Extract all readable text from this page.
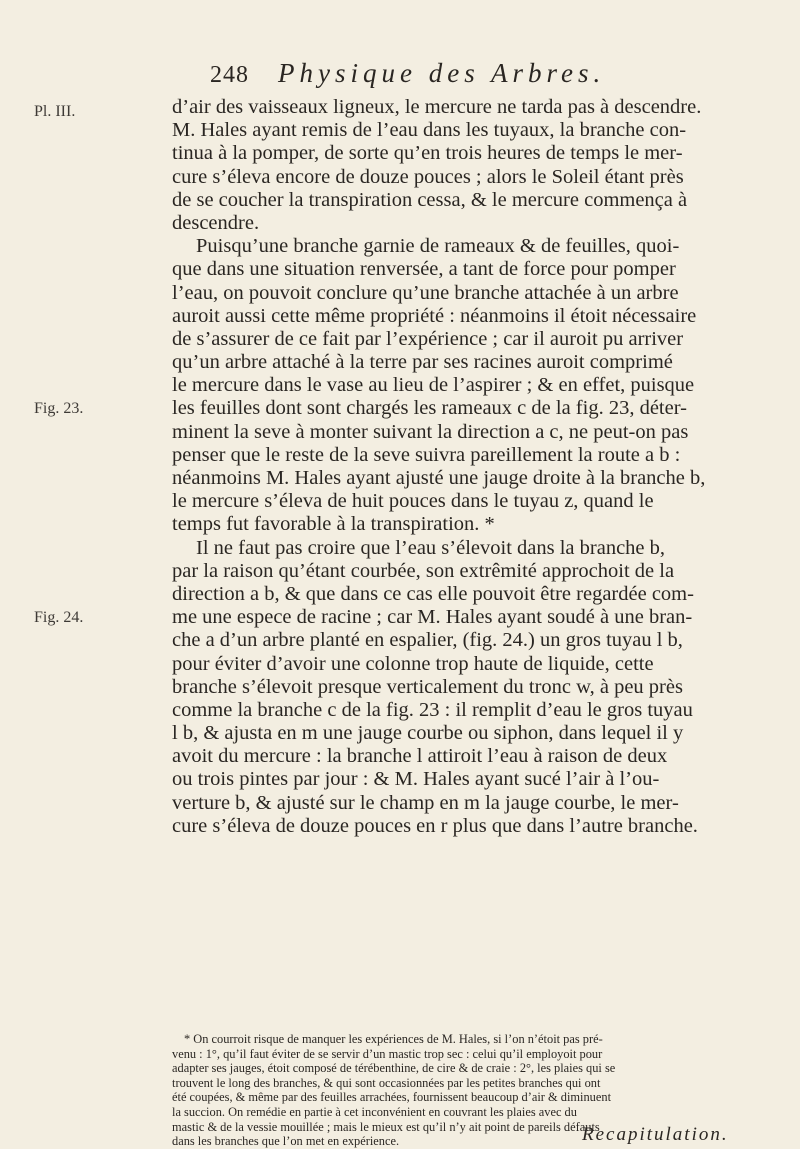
248 Physique des Arbres.
Pl. III.
Fig. 23.
Fig. 24.
d’air des vaisseaux ligneux, le mercure ne tarda pas à descendre.
M. Hales ayant remis de l’eau dans les tuyaux, la branche con-
tinua à la pomper, de sorte qu’en trois heures de temps le mer-
cure s’éleva encore de douze pouces ; alors le Soleil étant près
de se coucher la transpiration cessa, & le mercure commença à
descendre.
Puisqu’une branche garnie de rameaux & de feuilles, quoi-
que dans une situation renversée, a tant de force pour pomper
l’eau, on pouvoit conclure qu’une branche attachée à un arbre
auroit aussi cette même propriété : néanmoins il étoit nécessaire
de s’assurer de ce fait par l’expérience ; car il auroit pu arriver
qu’un arbre attaché à la terre par ses racines auroit comprimé
le mercure dans le vase au lieu de l’aspirer ; & en effet, puisque
les feuilles dont sont chargés les rameaux c de la fig. 23, déter-
minent la seve à monter suivant la direction a c, ne peut-on pas
penser que le reste de la seve suivra pareillement la route a b :
néanmoins M. Hales ayant ajusté une jauge droite à la branche b,
le mercure s’éleva de huit pouces dans le tuyau z, quand le
temps fut favorable à la transpiration. *
Il ne faut pas croire que l’eau s’élevoit dans la branche b,
par la raison qu’étant courbée, son extrêmité approchoit de la
direction a b, & que dans ce cas elle pouvoit être regardée com-
me une espece de racine ; car M. Hales ayant soudé à une bran-
che a d’un arbre planté en espalier, (fig. 24.) un gros tuyau l b,
pour éviter d’avoir une colonne trop haute de liquide, cette
branche s’élevoit presque verticalement du tronc w, à peu près
comme la branche c de la fig. 23 : il remplit d’eau le gros tuyau
l b, & ajusta en m une jauge courbe ou siphon, dans lequel il y
avoit du mercure : la branche l attiroit l’eau à raison de deux
ou trois pintes par jour : & M. Hales ayant sucé l’air à l’ou-
verture b, & ajusté sur le champ en m la jauge courbe, le mer-
cure s’éleva de douze pouces en r plus que dans l’autre branche.
* On courroit risque de manquer les expériences de M. Hales, si l’on n’étoit pas pré-
venu : 1°, qu’il faut éviter de se servir d’un mastic trop sec : celui qu’il employoit pour
adapter ses jauges, étoit composé de térébenthine, de cire & de craie : 2°, les plaies qui se
trouvent le long des branches, & qui sont occasionnées par les petites branches qui ont
été coupées, & même par des feuilles arrachées, fournissent beaucoup d’air & diminuent
la succion. On remédie en partie à cet inconvénient en couvrant les plaies avec du
mastic & de la vessie mouillée ; mais le mieux est qu’il n’y ait point de pareils défauts
dans les branches que l’on met en expérience.	Recapitulation.
